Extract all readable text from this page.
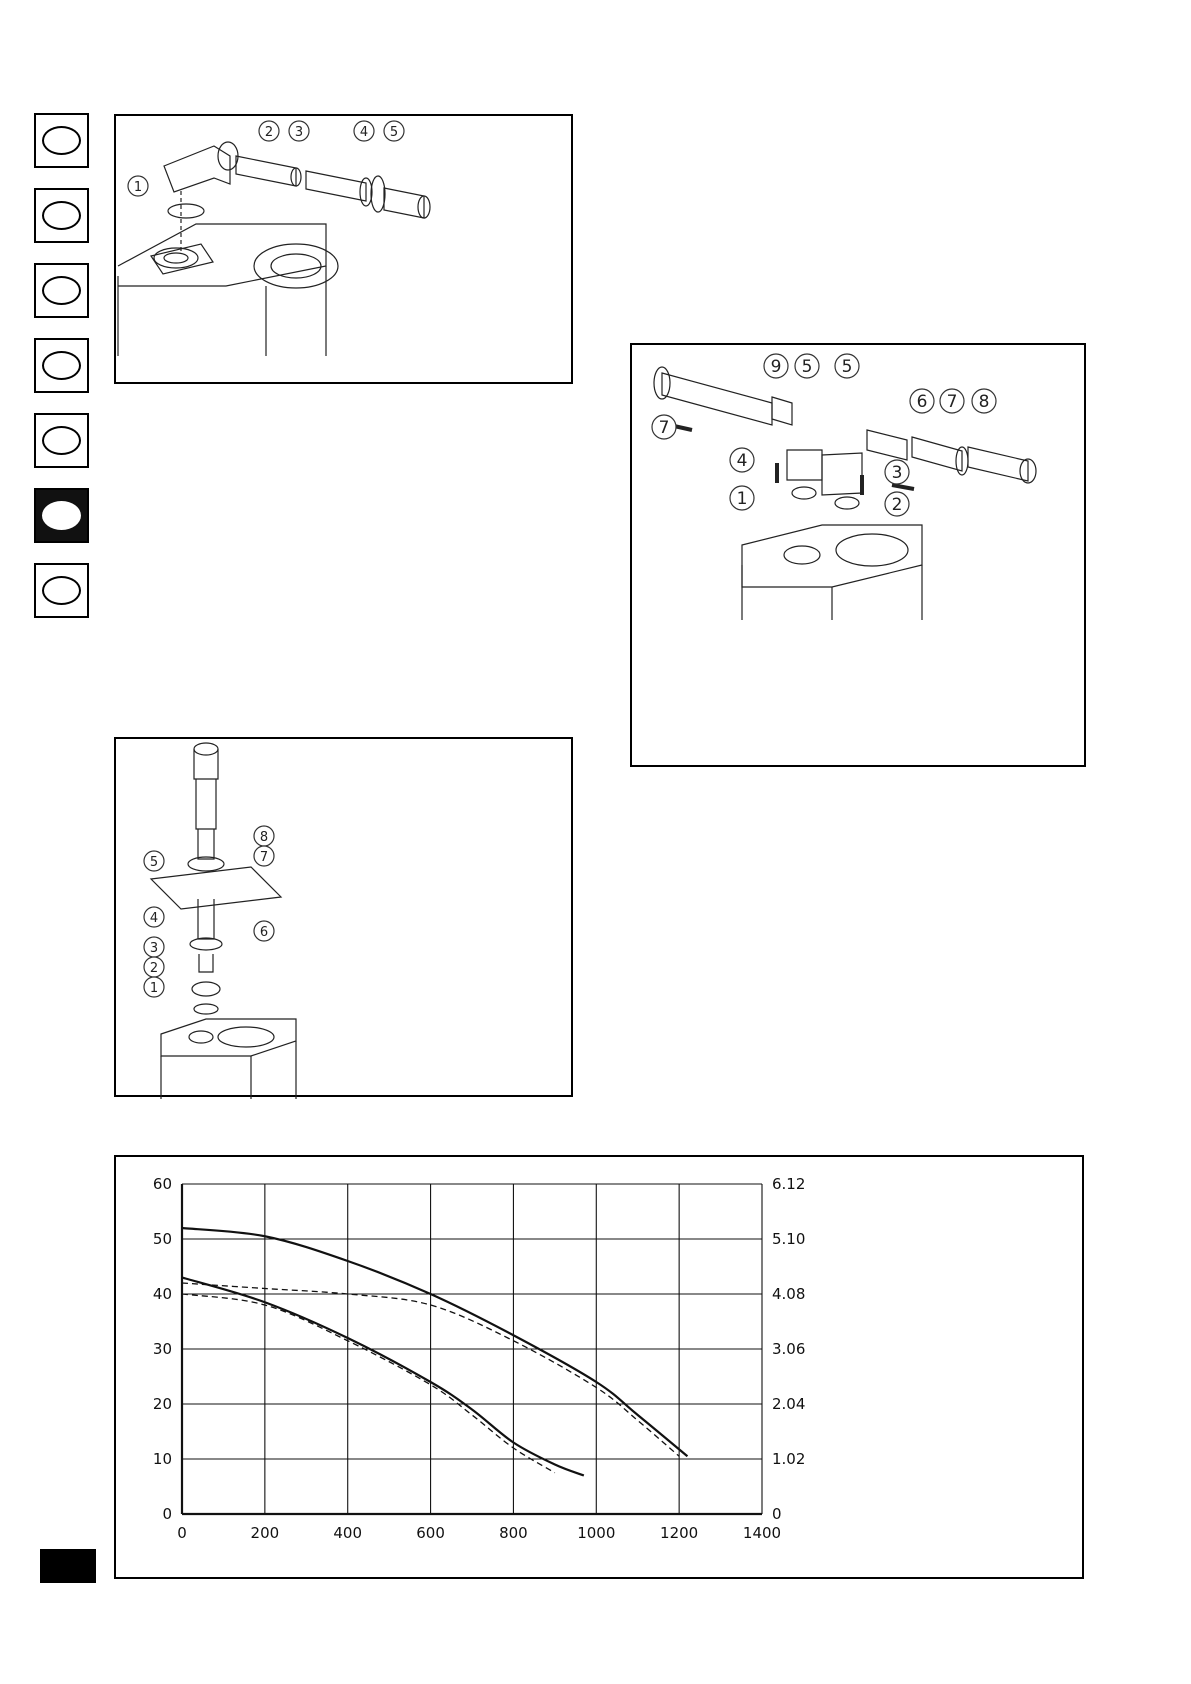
1
2 3	4 5
9 5 5
6 7 8
7
4
3
1	2
8
5	7
4
6
3
2
1
0	200	400	600	800	1000	1200	1400
0	0
10	1.02
20	2.04
30	3.06
40	4.08
50	5.10
60	6.12
